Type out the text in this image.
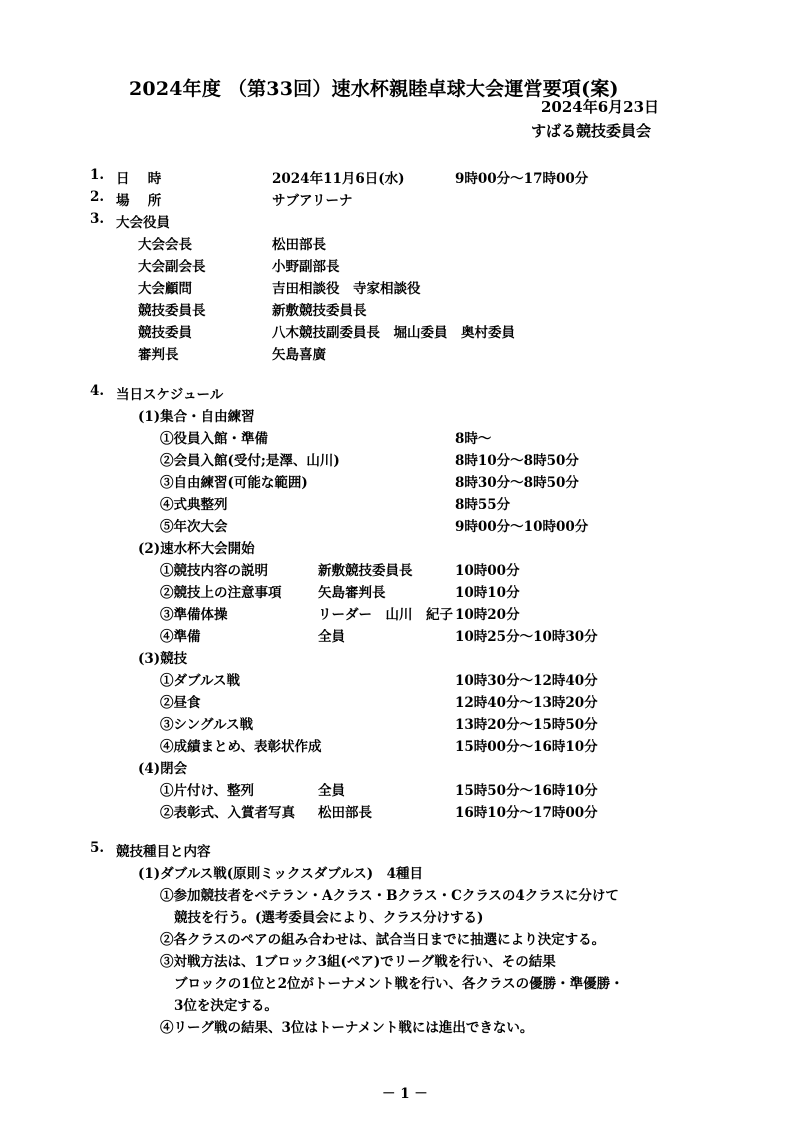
2024年度 （第33回）速水杯親睦卓球大会運営要項(案)
2024年6月23日
すばる競技委員会
1. 日　 時	2024年11月6日(水)	9時00分～17時00分
2. 場　 所	サブアリーナ
3. 大会役員
大会会長	松田部長
大会副会長	小野副部長
大会顧問	吉田相談役　寺家相談役
競技委員長	新敷競技委員長
競技委員	八木競技副委員長　堀山委員　奥村委員
審判長	矢島喜廣
4. 当日スケジュール
(1)集合・自由練習
①役員入館・準備	8時～
②会員入館(受付;是澤、山川)	8時10分～8時50分
③自由練習(可能な範囲)	8時30分～8時50分
④式典整列	8時55分
⑤年次大会	9時00分～10時00分
(2)速水杯大会開始
①競技内容の説明	新敷競技委員長	10時00分
②競技上の注意事項	矢島審判長	10時10分
③準備体操	リーダー　山川　紀子 10時20分
④準備	全員	10時25分～10時30分
(3)競技
①ダブルス戦	10時30分～12時40分
②昼食	12時40分～13時20分
③シングルス戦	13時20分～15時50分
④成績まとめ、表彰状作成	15時00分～16時10分
(4)閉会
①片付け、整列	全員	15時50分～16時10分
②表彰式、入賞者写真 松田部長	16時10分～17時00分
5. 競技種目と内容
(1)ダブルス戦(原則ミックスダブルス)　4種目
①参加競技者をベテラン・Aクラス・Bクラス・Cクラスの4クラスに分けて
競技を行う。(選考委員会により、クラス分けする)
②各クラスのペアの組み合わせは、試合当日までに抽選により決定する。
③対戦方法は、1ブロック3組(ペア)でリーグ戦を行い、その結果
ブロックの1位と2位がトーナメント戦を行い、各クラスの優勝・準優勝・
3位を決定する。
④リーグ戦の結果、3位はトーナメント戦には進出できない。
－ 1 －
